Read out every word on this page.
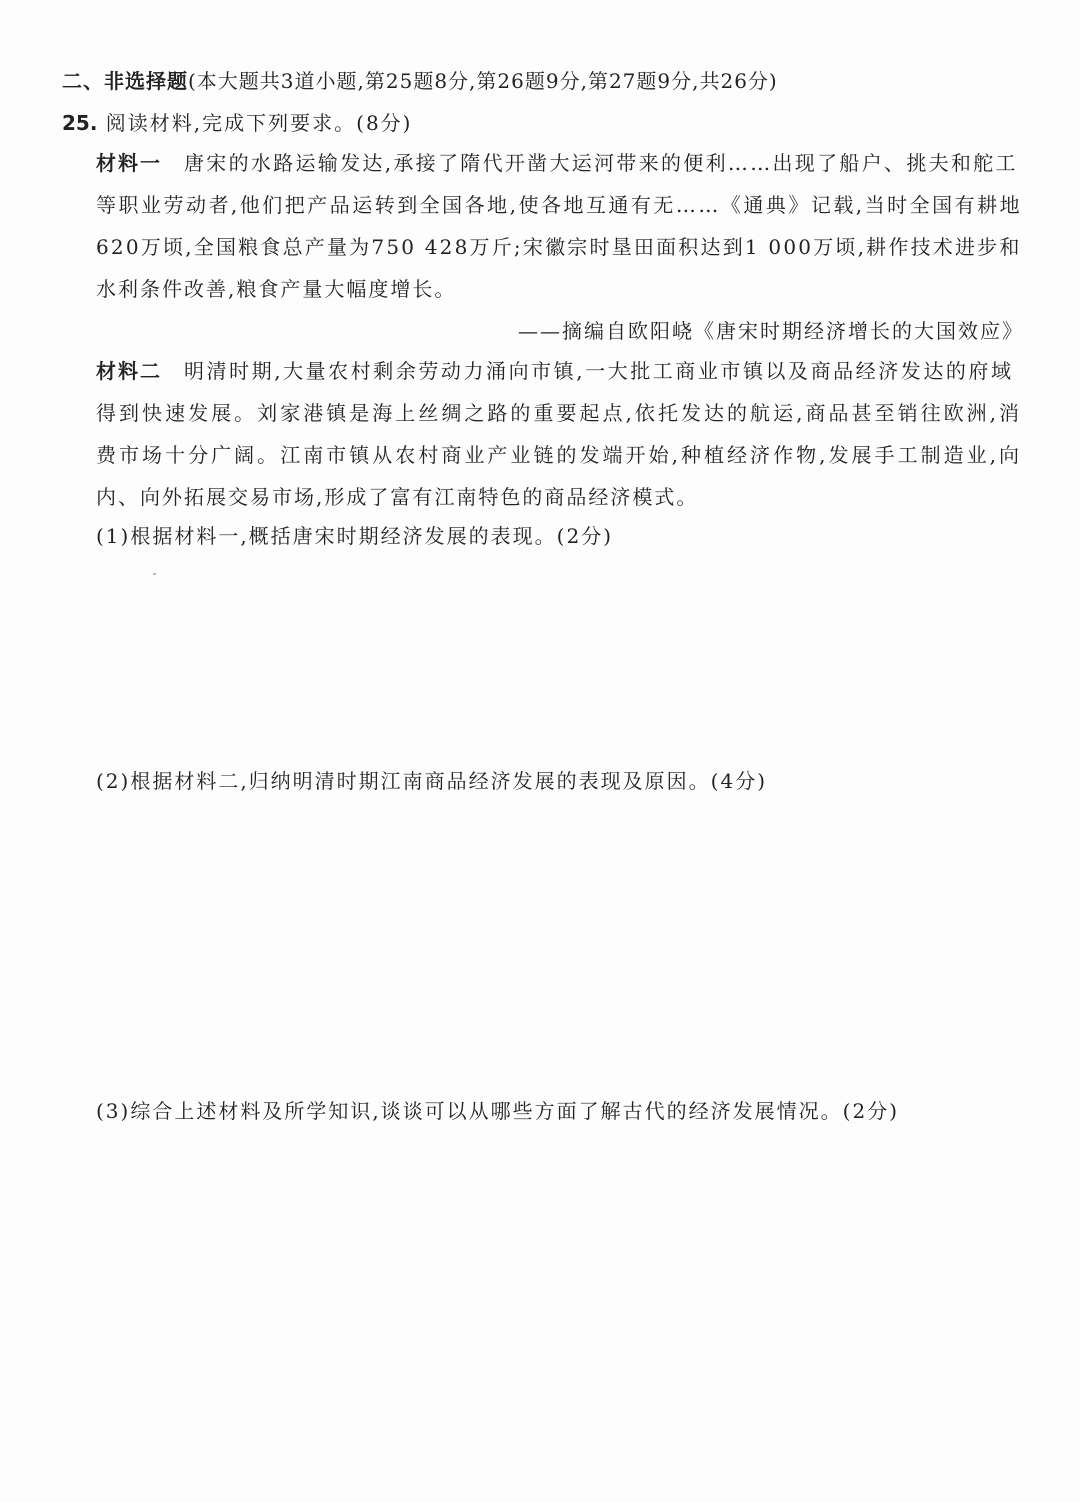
二、非选择题(本大题共3道小题,第25题8分,第26题9分,第27题9分,共26分)
25. 阅读材料,完成下列要求。(8分)
材料一 唐宋的水路运输发达,承接了隋代开凿大运河带来的便利……出现了船户、挑夫和舵工
等职业劳动者,他们把产品运转到全国各地,使各地互通有无……《通典》记载,当时全国有耕地
620万顷,全国粮食总产量为750 428万斤;宋徽宗时垦田面积达到1 000万顷,耕作技术进步和
水利条件改善,粮食产量大幅度增长。
——摘编自欧阳峣《唐宋时期经济增长的大国效应》
材料二 明清时期,大量农村剩余劳动力涌向市镇,一大批工商业市镇以及商品经济发达的府域
得到快速发展。刘家港镇是海上丝绸之路的重要起点,依托发达的航运,商品甚至销往欧洲,消
费市场十分广阔。江南市镇从农村商业产业链的发端开始,种植经济作物,发展手工制造业,向
内、向外拓展交易市场,形成了富有江南特色的商品经济模式。
(1)根据材料一,概括唐宋时期经济发展的表现。(2分)
(2)根据材料二,归纳明清时期江南商品经济发展的表现及原因。(4分)
(3)综合上述材料及所学知识,谈谈可以从哪些方面了解古代的经济发展情况。(2分)
